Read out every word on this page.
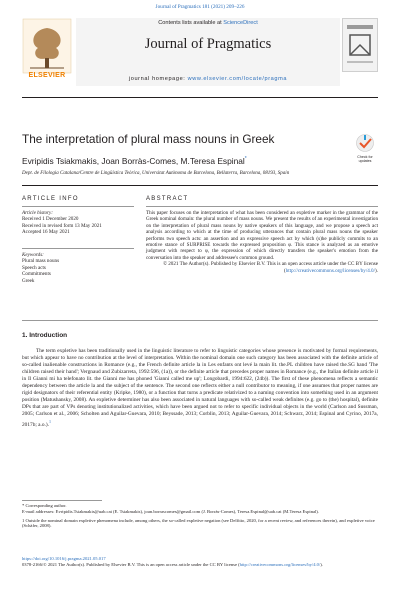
Journal of Pragmatics 181 (2021) 209–226
ELSEVIER
Contents lists available at ScienceDirect
Journal of Pragmatics
journal homepage: www.elsevier.com/locate/pragma
The interpretation of plural mass nouns in Greek
Check for
updates
Evripidis Tsiakmakis, Joan Borràs-Comes, M.Teresa Espinal*
Dept. de Filologia Catalana/Centre de Lingüística Teòrica, Universitat Autònoma de Barcelona, Bellaterra, Barcelona, 08193, Spain
ARTICLE INFO
Article history:
Received 1 December 2020
Received in revised form 13 May 2021
Accepted 16 May 2021
Keywords:
Plural mass nouns
Speech acts
Commitments
Greek
ABSTRACT

This paper focuses on the interpretation of what has been considered an expletive marker in the grammar of the Greek nominal domain: the plural number of mass nouns. We present the results of an experimental investigation on the interpretation of plural mass nouns by native speakers of this language, and we propose a speech act analysis according to which at the time of producing utterances that contain plural mass nouns the speaker performs two speech acts: an assertion and an expressive speech act by which (s)he publicly commits to an emotive stance of SURPRISE towards the expressed proposition φ. This stance is analyzed as an emotive judgment with respect to φ, the expression of which directly transfers the speaker's emotion from the conversation into the speaker and addressee's common ground.

© 2021 The Author(s). Published by Elsevier B.V. This is an open access article under the CC BY license (http://creativecommons.org/licenses/by/4.0/).

1. Introduction

The term expletive has been traditionally used in the linguistic literature to refer to linguistic categories whose presence is motivated by formal requirements, but which appear to have no contribution at the level of interpretation. Within the nominal domain one such category has been associated with the definite article of so-called inalienable constructions in Romance (e.g., the French definite article la in Les enfants ont levé la main lit. the.PL children have raised the.SG hand 'The children raised their hand'; Vergnaud and Zubizarreta, 1992:596, (1a)), or the definite article that precedes proper names in Romance (e.g., the Italian definite article il in Il Gianni mi ha telefonato lit. the Gianni me has phoned 'Gianni called me up'; Longobardi, 1994:622, (24b)). The first of these phenomena reflects a semantic dependency between the article la and the subject of the sentence. The second one reflects either a null contributor to meaning, if one assumes that proper names are rigid designators of their referential entity (Kripke, 1980), or a function that turns a predicate relativized to a naming convention into something used in an argument position (Matushansky, 2008). An expletive determiner has also been associated in natural languages with so-called weak definites (e.g. go to (the) hospital), definite DPs that are part of VPs denoting institutionalized activities, which have been argued not to refer to specific individual objects in the world (Carlson and Sussman, 2005; Carlson et al., 2006; Scholten and Aguilar-Guevara, 2010; Beyssade, 2013; Corblin, 2013; Aguilar-Guevara, 2014; Schwarz, 2014; Espinal and Cyrino, 2017a, 2017b; a.o.).$^1$

* Corresponding author.

E-mail addresses: Evripidis.Tsiakmakis@uab.cat (E. Tsiakmakis), joan.borrascomes@gmail.com (J. Borràs-Comes), Teresa.Espinal@uab.cat (M.Teresa Espinal).

1 Outside the nominal domain expletive phenomena include, among others, the so-called expletive negation (see Delfitto, 2020, for a recent review, and references therein), and expletive voice (Schäfer, 2008).

https://doi.org/10.1016/j.pragma.2021.05.017

0378-2166/© 2021 The Author(s). Published by Elsevier B.V. This is an open access article under the CC BY license (http://creativecommons.org/licenses/by/4.0/).
